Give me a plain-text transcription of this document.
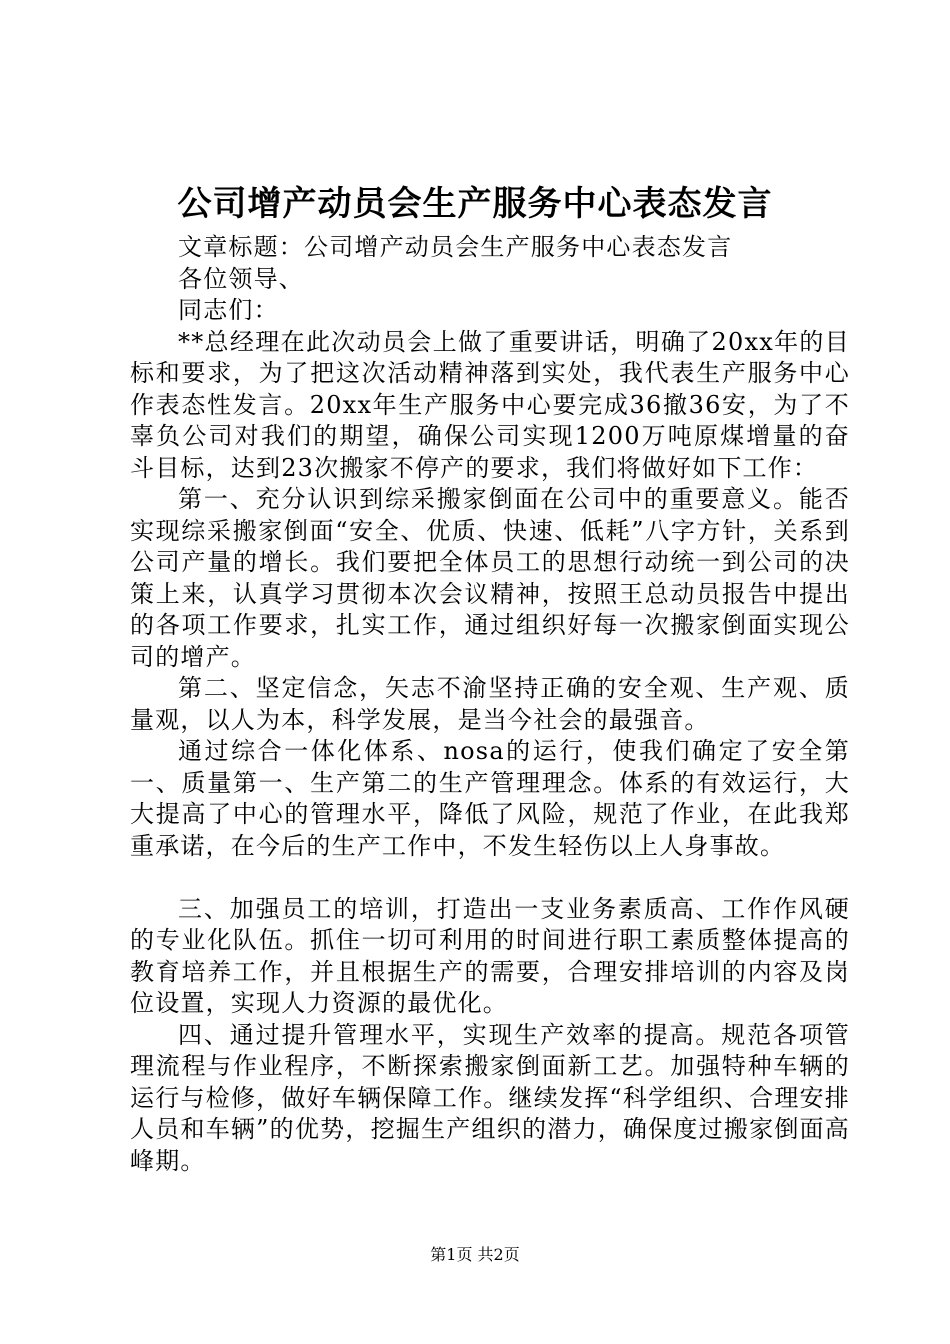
公司增产动员会生产服务中心表态发言

文章标题：公司增产动员会生产服务中心表态发言

各位领导、

同志们：

**总经理在此次动员会上做了重要讲话，明确了20xx年的目标和要求，为了把这次活动精神落到实处，我代表生产服务中心作表态性发言。20xx年生产服务中心要完成36撤36安，为了不辜负公司对我们的期望，确保公司实现1200万吨原煤增量的奋斗目标，达到23次搬家不停产的要求，我们将做好如下工作：

第一、充分认识到综采搬家倒面在公司中的重要意义。能否实现综采搬家倒面“安全、优质、快速、低耗”八字方针，关系到公司产量的增长。我们要把全体员工的思想行动统一到公司的决策上来，认真学习贯彻本次会议精神，按照王总动员报告中提出的各项工作要求，扎实工作，通过组织好每一次搬家倒面实现公司的增产。

第二、坚定信念，矢志不渝坚持正确的安全观、生产观、质量观，以人为本，科学发展，是当今社会的最强音。

通过综合一体化体系、nosa的运行，使我们确定了安全第一、质量第一、生产第二的生产管理理念。体系的有效运行，大大提高了中心的管理水平，降低了风险，规范了作业，在此我郑重承诺，在今后的生产工作中，不发生轻伤以上人身事故。

三、加强员工的培训，打造出一支业务素质高、工作作风硬的专业化队伍。抓住一切可利用的时间进行职工素质整体提高的教育培养工作，并且根据生产的需要，合理安排培训的内容及岗位设置，实现人力资源的最优化。

四、通过提升管理水平，实现生产效率的提高。规范各项管理流程与作业程序，不断探索搬家倒面新工艺。加强特种车辆的运行与检修，做好车辆保障工作。继续发挥“科学组织、合理安排人员和车辆”的优势，挖掘生产组织的潜力，确保度过搬家倒面高峰期。

第1页 共2页
